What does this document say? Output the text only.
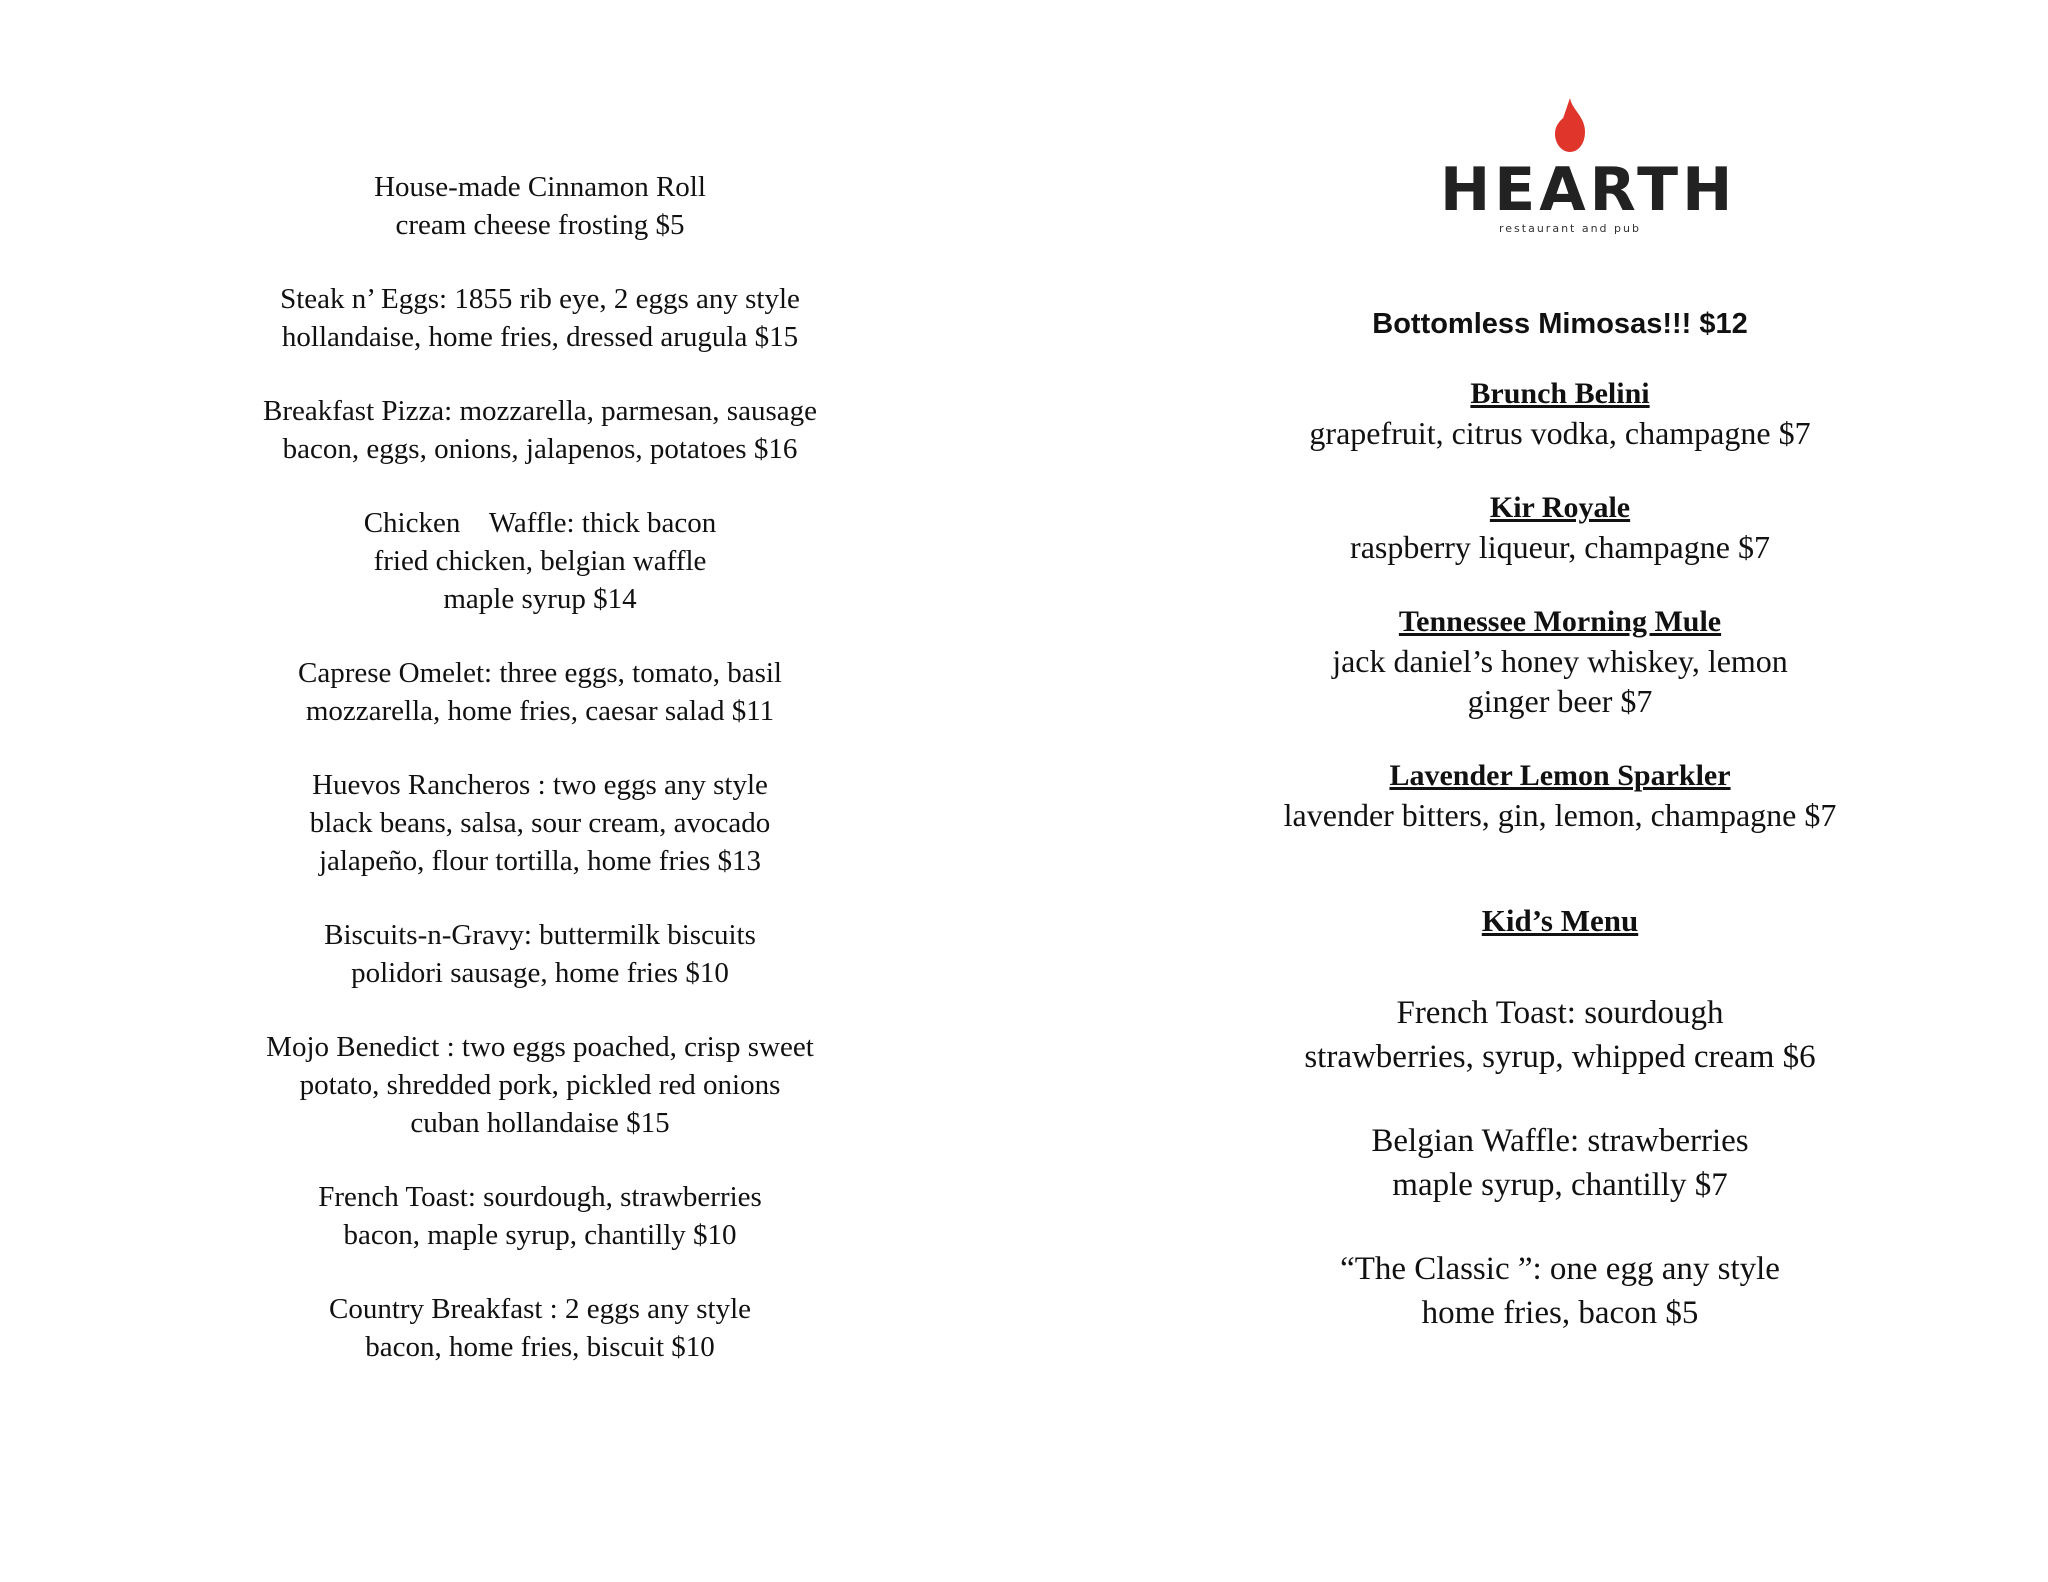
House-made Cinnamon Roll
cream cheese frosting $5
Steak n’ Eggs: 1855 rib eye, 2 eggs any style
hollandaise, home fries, dressed arugula $15
Breakfast Pizza: mozzarella, parmesan, sausage
bacon, eggs, onions, jalapenos, potatoes $16
Chicken    Waffle: thick bacon
fried chicken, belgian waffle
maple syrup $14
Caprese Omelet: three eggs, tomato, basil
mozzarella, home fries, caesar salad $11
Huevos Rancheros : two eggs any style
black beans, salsa, sour cream, avocado
jalapeño, flour tortilla, home fries $13
Biscuits-n-Gravy: buttermilk biscuits
polidori sausage, home fries $10
Mojo Benedict : two eggs poached, crisp sweet
potato, shredded pork, pickled red onions
cuban hollandaise $15
French Toast: sourdough, strawberries
bacon, maple syrup, chantilly $10
Country Breakfast : 2 eggs any style
bacon, home fries, biscuit $10
HEARTH
restaurant and pub
Bottomless Mimosas!!! $12
Brunch Belini
grapefruit, citrus vodka, champagne $7
Kir Royale
raspberry liqueur, champagne $7
Tennessee Morning Mule
jack daniel’s honey whiskey, lemon
ginger beer $7
Lavender Lemon Sparkler
lavender bitters, gin, lemon, champagne $7
Kid’s Menu
French Toast: sourdough
strawberries, syrup, whipped cream $6
Belgian Waffle: strawberries
maple syrup, chantilly $7
“The Classic ”: one egg any style
home fries, bacon $5
